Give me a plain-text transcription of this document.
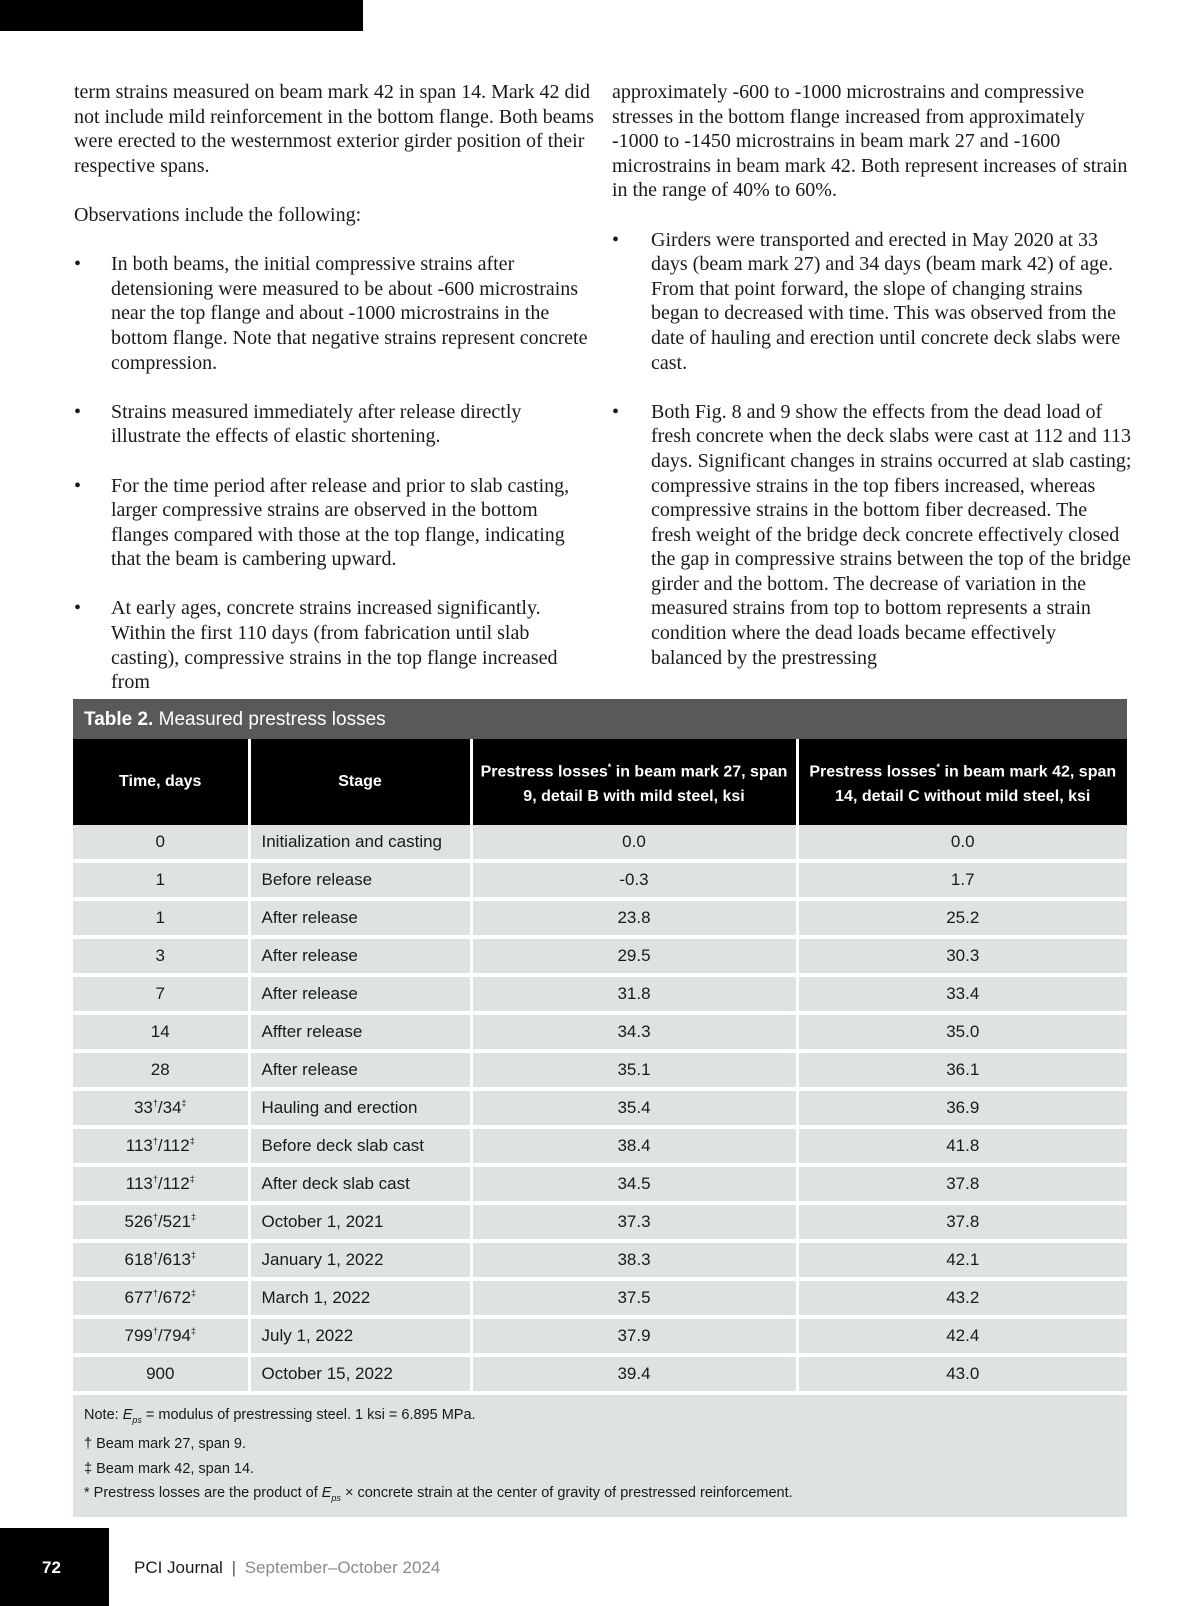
term strains measured on beam mark 42 in span 14. Mark 42 did not include mild reinforcement in the bottom flange. Both beams were erected to the westernmost exterior girder position of their respective spans.

Observations include the following:

• In both beams, the initial compressive strains after detensioning were measured to be about -600 microstrains near the top flange and about -1000 microstrains in the bottom flange. Note that negative strains represent concrete compression.
• Strains measured immediately after release directly illustrate the effects of elastic shortening.
• For the time period after release and prior to slab casting, larger compressive strains are observed in the bottom flanges compared with those at the top flange, indicating that the beam is cambering upward.
• At early ages, concrete strains increased significantly. Within the first 110 days (from fabrication until slab casting), compressive strains in the top flange increased from

approximately -600 to -1000 microstrains and compressive stresses in the bottom flange increased from approximately -1000 to -1450 microstrains in beam mark 27 and -1600 microstrains in beam mark 42. Both represent increases of strain in the range of 40% to 60%.

• Girders were transported and erected in May 2020 at 33 days (beam mark 27) and 34 days (beam mark 42) of age. From that point forward, the slope of changing strains began to decreased with time. This was observed from the date of hauling and erection until concrete deck slabs were cast.
• Both Fig. 8 and 9 show the effects from the dead load of fresh concrete when the deck slabs were cast at 112 and 113 days. Significant changes in strains occurred at slab casting; compressive strains in the top fibers increased, whereas compressive strains in the bottom fiber decreased. The fresh weight of the bridge deck concrete effectively closed the gap in compressive strains between the top of the bridge girder and the bottom. The decrease of variation in the measured strains from top to bottom represents a strain condition where the dead loads became effectively balanced by the prestressing
Table 2. Measured prestress losses
Time, days	Stage	Prestress losses* in beam mark 27, span 9, detail B with mild steel, ksi	Prestress losses* in beam mark 42, span 14, detail C without mild steel, ksi
0	Initialization and casting	0.0	0.0
1	Before release	-0.3	1.7
1	After release	23.8	25.2
3	After release	29.5	30.3
7	After release	31.8	33.4
14	Affter release	34.3	35.0
28	After release	35.1	36.1
33†/34‡	Hauling and erection	35.4	36.9
113†/112‡	Before deck slab cast	38.4	41.8
113†/112‡	After deck slab cast	34.5	37.8
526†/521‡	October 1, 2021	37.3	37.8
618†/613‡	January 1, 2022	38.3	42.1
677†/672‡	March 1, 2022	37.5	43.2
799†/794‡	July 1, 2022	37.9	42.4
900	October 15, 2022	39.4	43.0
Note: $E_{ps}$ = modulus of prestressing steel. 1 ksi = 6.895 MPa.
† Beam mark 27, span 9.
‡ Beam mark 42, span 14.
* Prestress losses are the product of $E_{ps}$ × concrete strain at the center of gravity of prestressed reinforcement.
72	PCI Journal | September–October 2024
